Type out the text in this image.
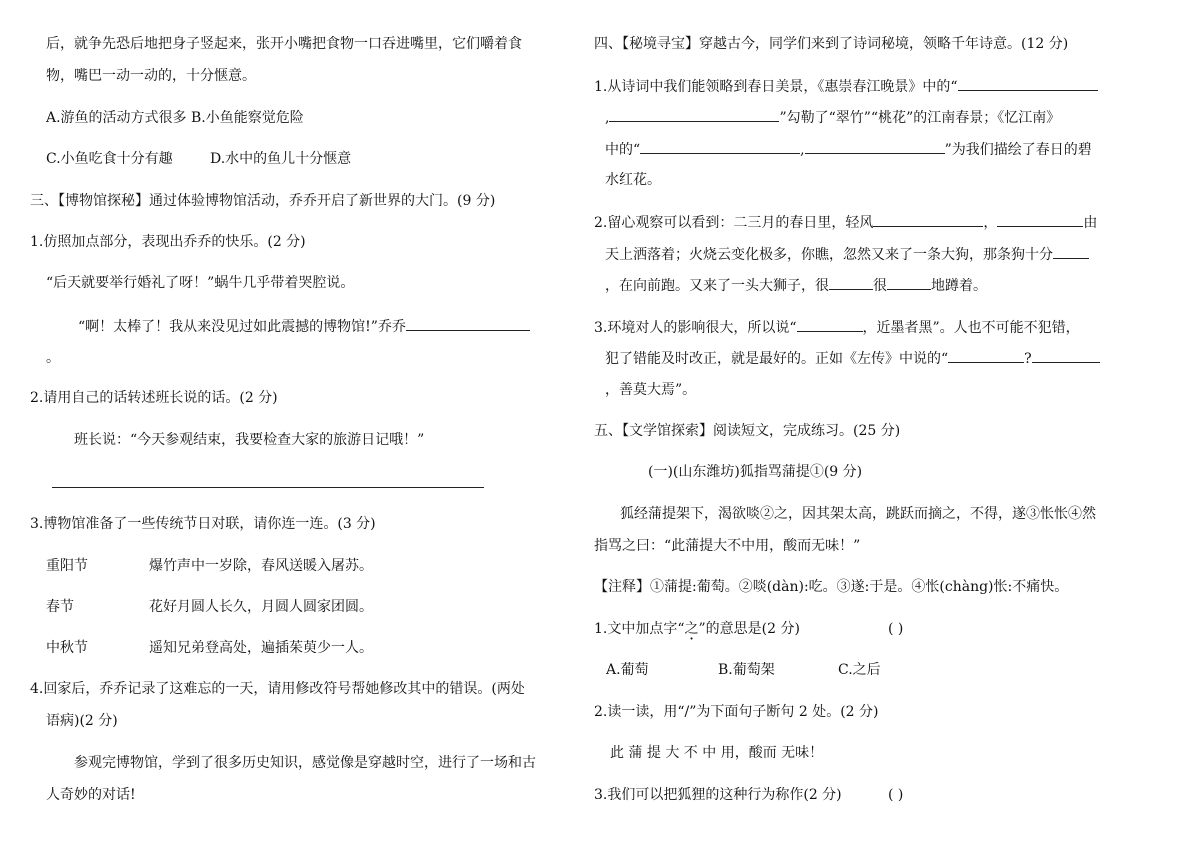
后，就争先恐后地把身子竖起来，张开小嘴把食物一口吞进嘴里，它们嚼着食
物，嘴巴一动一动的，十分惬意。
A.游鱼的活动方式很多 B.小鱼能察觉危险
C.小鱼吃食十分有趣	D.水中的鱼儿十分惬意
三、【博物馆探秘】通过体验博物馆活动，乔乔开启了新世界的大门。(9 分)
1.仿照加点部分，表现出乔乔的快乐。(2 分)
“后天就要举行婚礼了呀！”蜗牛几乎带着哭腔说。
“啊！太棒了！我从来没见过如此震撼的博物馆!”乔乔
。
2.请用自己的话转述班长说的话。(2 分)
班长说：“今天参观结束，我要检查大家的旅游日记哦！”
3.博物馆准备了一些传统节日对联，请你连一连。(3 分)
重阳节	爆竹声中一岁除，春风送暖入屠苏。
春节	花好月圆人长久，月圆人圆家团圆。
中秋节	遥知兄弟登高处，遍插茱萸少一人。
4.回家后，乔乔记录了这难忘的一天，请用修改符号帮她修改其中的错误。(两处
语病)(2 分)
参观完博物馆，学到了很多历史知识，感觉像是穿越时空，进行了一场和古
人奇妙的对话!
四、【秘境寻宝】穿越古今，同学们来到了诗词秘境，领略千年诗意。(12 分)
1.从诗词中我们能领略到春日美景，《惠崇春江晚景》中的“
,	”勾勒了“翠竹”“桃花”的江南春景；《忆江南》
中的“	,	”为我们描绘了春日的碧
水红花。
2.留心观察可以看到：二三月的春日里，轻风	，	由
天上洒落着；火烧云变化极多，你瞧，忽然又来了一条大狗，那条狗十分
，在向前跑。又来了一头大狮子，很	很	地蹲着。
3.环境对人的影响很大，所以说“	，近墨者黑”。人也不可能不犯错，
犯了错能及时改正，就是最好的。正如《左传》中说的“	?
，善莫大焉”。
五、【文学馆探索】阅读短文，完成练习。(25 分)
(一)(山东潍坊)狐指骂蒲提①(9 分)
狐经蒲提架下，渴欲啖②之，因其架太高，跳跃而摘之，不得，遂③怅怅④然
指骂之曰：“此蒲提大不中用，酸而无味！”
【注释】①蒲提:葡萄。②啖(dàn):吃。③遂:于是。④怅(chàng)怅:不痛快。
1.文中加点字“之”的意思是(2 分)	( )
A.葡萄	B.葡萄架	C.之后
2.读一读，用“/”为下面句子断句 2 处。(2 分)
此 蒲 提 大 不 中 用，酸而 无味！
3.我们可以把狐狸的这种行为称作(2 分)	( )
